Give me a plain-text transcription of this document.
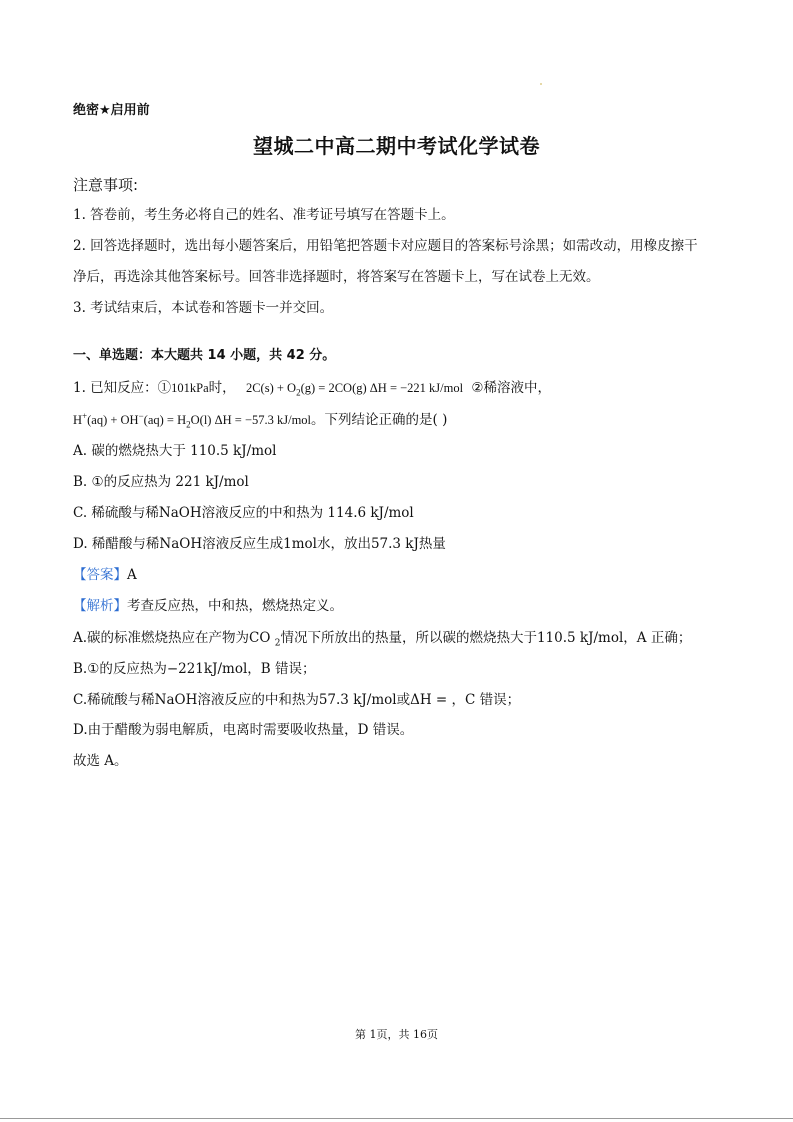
绝密★启用前
望城二中高二期中考试化学试卷
注意事项:
1. 答卷前，考生务必将自己的姓名、准考证号填写在答题卡上。
2. 回答选择题时，选出每小题答案后，用铅笔把答题卡对应题目的答案标号涂黑；如需改动，用橡皮擦干
净后，再选涂其他答案标号。回答非选择题时，将答案写在答题卡上，写在试卷上无效。
3. 考试结束后，本试卷和答题卡一并交回。
一、单选题：本大题共 14 小题，共 42 分。
1. 已知反应：①101kPa时， $2C(s) + O_2(g) = 2CO(g) \Delta H = -221$ kJ/mol ②稀溶液中，
$H^+(aq) + OH^-(aq) = H_2O(l) \Delta H = -57.3$ kJ/mol。下列结论正确的是( )
A. 碳的燃烧热大于 110.5 kJ/mol
B. ①的反应热为 221 kJ/mol
C. 稀硫酸与稀NaOH溶液反应的中和热为 114.6 kJ/mol
D. 稀醋酸与稀NaOH溶液反应生成1mol水，放出57.3 kJ热量
【答案】A
【解析】考查反应热，中和热，燃烧热定义。
A.碳的标准燃烧热应在产物为CO $_2$情况下所放出的热量，所以碳的燃烧热大于110.5 kJ/mol，A 正确；
B.①的反应热为−221kJ/mol，B 错误；
C.稀硫酸与稀NaOH溶液反应的中和热为57.3 kJ/mol或ΔH = ，C 错误；
D.由于醋酸为弱电解质，电离时需要吸收热量，D 错误。
故选 A。
第 1页，共 16页
